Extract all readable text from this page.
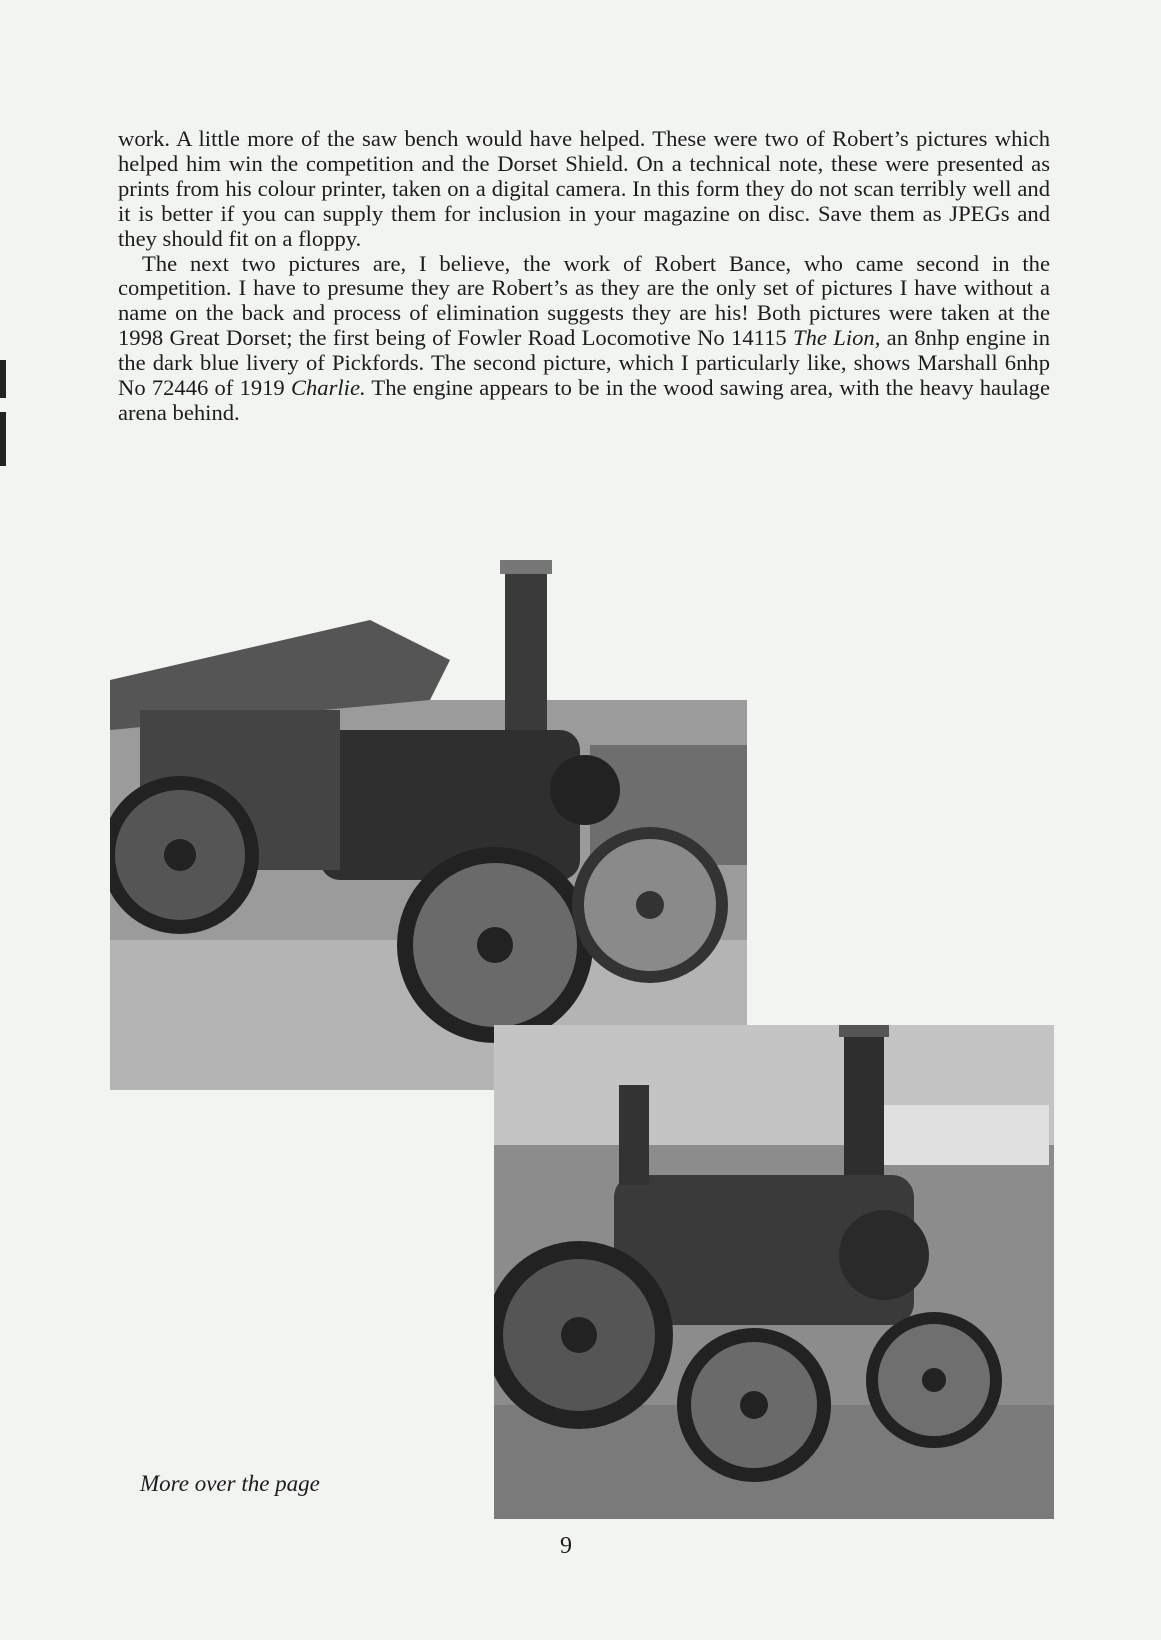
work. A little more of the saw bench would have helped. These were two of Robert’s pictures which helped him win the competition and the Dorset Shield. On a technical note, these were presented as prints from his colour printer, taken on a digital camera. In this form they do not scan terribly well and it is better if you can supply them for inclusion in your magazine on disc. Save them as JPEGs and they should fit on a floppy.

The next two pictures are, I believe, the work of Robert Bance, who came second in the competition. I have to presume they are Robert’s as they are the only set of pictures I have without a name on the back and process of elimination suggests they are his! Both pictures were taken at the 1998 Great Dorset; the first being of Fowler Road Locomotive No 14115 The Lion, an 8nhp engine in the dark blue livery of Pickfords. The second picture, which I particularly like, shows Marshall 6nhp No 72446 of 1919 Charlie. The engine appears to be in the wood sawing area, with the heavy haulage arena behind.

More over the page
9
